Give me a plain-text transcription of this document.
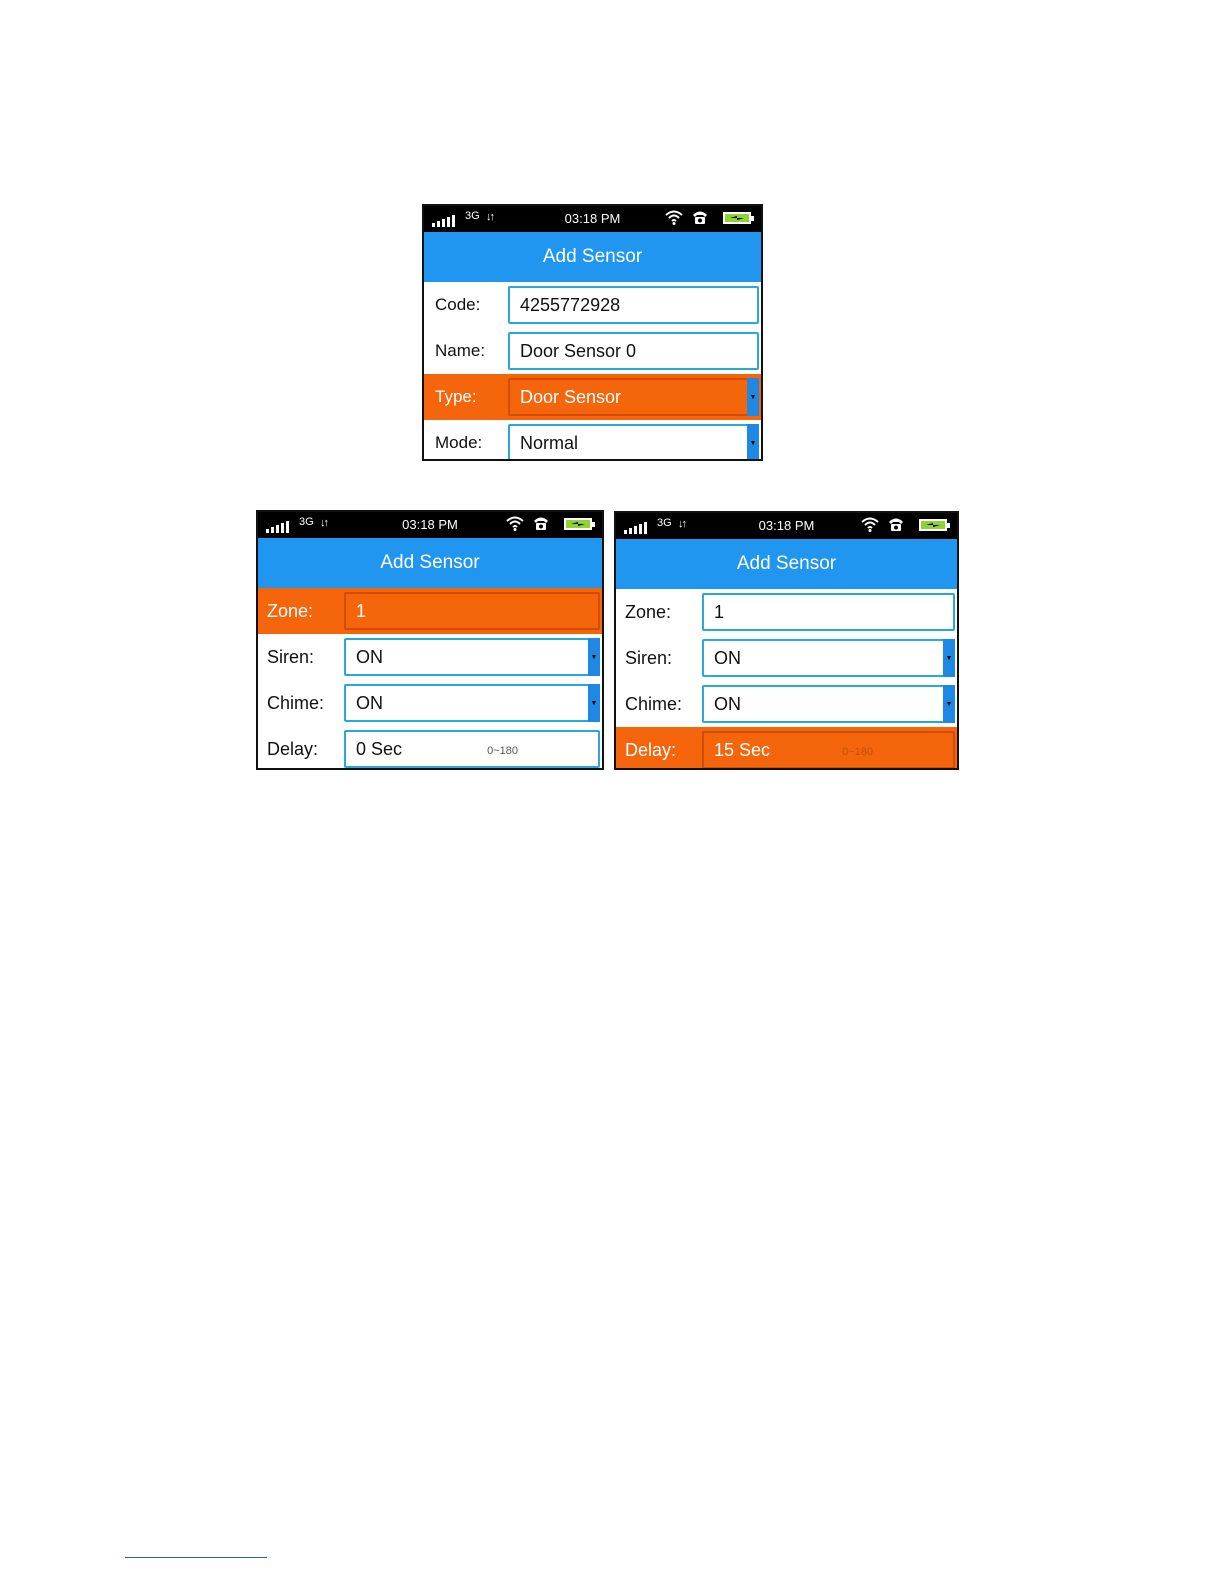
3G ↓↑	03:18 PM
Add Sensor
Code:	4255772928
Name:	Door Sensor 0
Type:	Door Sensor	▼
Mode:	Normal	▼
3G ↓↑	03:18 PM
Add Sensor
Zone:	1
Siren:	ON	▼
Chime:	ON	▼
Delay:	0 Sec	0~180
3G ↓↑	03:18 PM
Add Sensor
Zone:	1
Siren:	ON	▼
Chime:	ON	▼
Delay:	15 Sec	0~180
